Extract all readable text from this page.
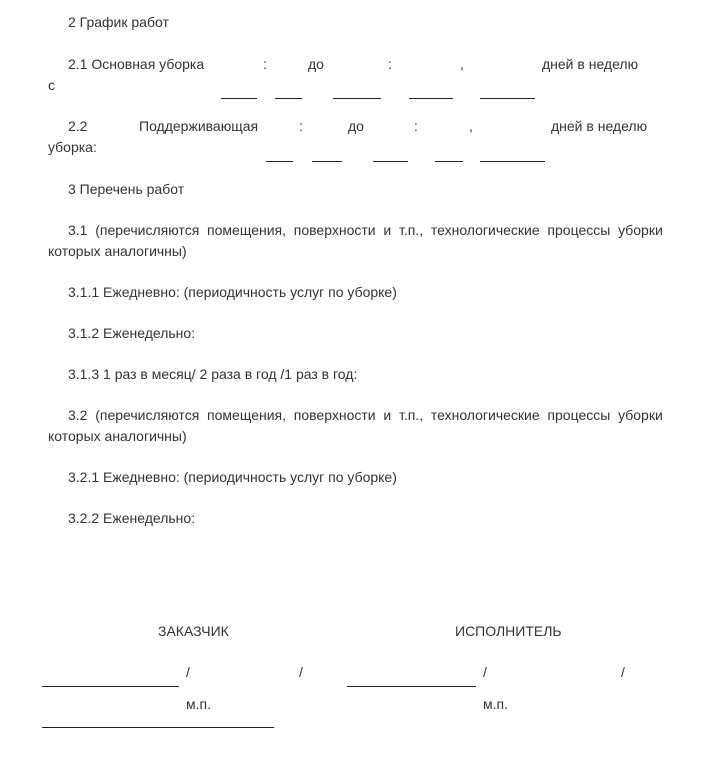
2 График работ
2.1 Основная уборка
с
:	до	:	,	дней в неделю
2.2	Поддерживающая
уборка:
:	до	:	,	дней в неделю
3 Перечень работ
3.1  (перечисляются  помещения,  поверхности  и  т.п.,  технологические  процессы  уборки
которых аналогичны)
3.1.1 Ежедневно: (периодичность услуг по уборке)
3.1.2 Еженедельно:
3.1.3 1 раз в месяц/ 2 раза в год /1 раз в год:
3.2  (перечисляются  помещения,  поверхности  и  т.п.,  технологические  процессы  уборки
которых аналогичны)
3.2.1 Ежедневно: (периодичность услуг по уборке)
3.2.2 Еженедельно:
ЗАКАЗЧИК
/	/
м.п.
ИСПОЛНИТЕЛЬ
/	/
м.п.
